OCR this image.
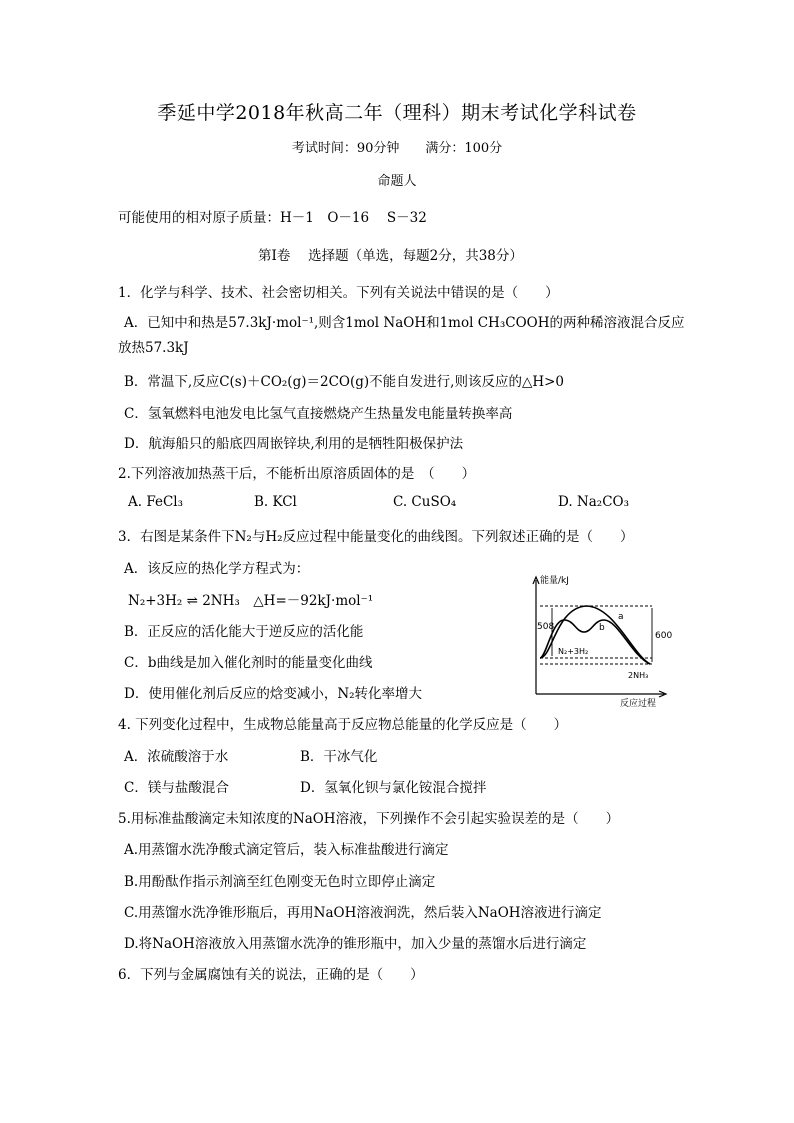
季延中学2018年秋高二年（理科）期末考试化学科试卷
考试时间：90分钟　　满分：100分
命题人
可能使用的相对原子质量：H－1　O－16　 S－32
第Ⅰ卷　 选择题（单选，每题2分，共38分）
1．化学与科学、技术、社会密切相关。下列有关说法中错误的是（　　）
A．已知中和热是57.3kJ·mol⁻¹,则含1mol NaOH和1mol CH₃COOH的两种稀溶液混合反应
放热57.3kJ
B．常温下,反应C(s)＋CO₂(g)＝2CO(g)不能自发进行,则该反应的△H>0
C．氢氧燃料电池发电比氢气直接燃烧产生热量发电能量转换率高
D．航海船只的船底四周嵌锌块,利用的是牺牲阳极保护法
2.下列溶液加热蒸干后，不能析出原溶质固体的是　（　　）
A. FeCl₃	B. KCl	C. CuSO₄	D. Na₂CO₃
3．右图是某条件下N₂与H₂反应过程中能量变化的曲线图。下列叙述正确的是（　　）
A．该反应的热化学方程式为：
N₂+3H₂ ⇌ 2NH₃　△H=－92kJ·mol⁻¹
B．正反应的活化能大于逆反应的活化能
C．b曲线是加入催化剂时的能量变化曲线
D．使用催化剂后反应的焓变减小，N₂转化率增大
能量/kJ
反应过程
508
600
a
b
N₂+3H₂
2NH₃
4. 下列变化过程中，生成物总能量高于反应物总能量的化学反应是（　　）
A．浓硫酸溶于水	B．干冰气化
C．镁与盐酸混合	D．氢氧化钡与氯化铵混合搅拌
5.用标准盐酸滴定未知浓度的NaOH溶液，下列操作不会引起实验误差的是（　　）
A.用蒸馏水洗净酸式滴定管后，装入标准盐酸进行滴定
B.用酚酞作指示剂滴至红色刚变无色时立即停止滴定
C.用蒸馏水洗净锥形瓶后，再用NaOH溶液润洗，然后装入NaOH溶液进行滴定
D.将NaOH溶液放入用蒸馏水洗净的锥形瓶中，加入少量的蒸馏水后进行滴定
6．下列与金属腐蚀有关的说法，正确的是（　　）
